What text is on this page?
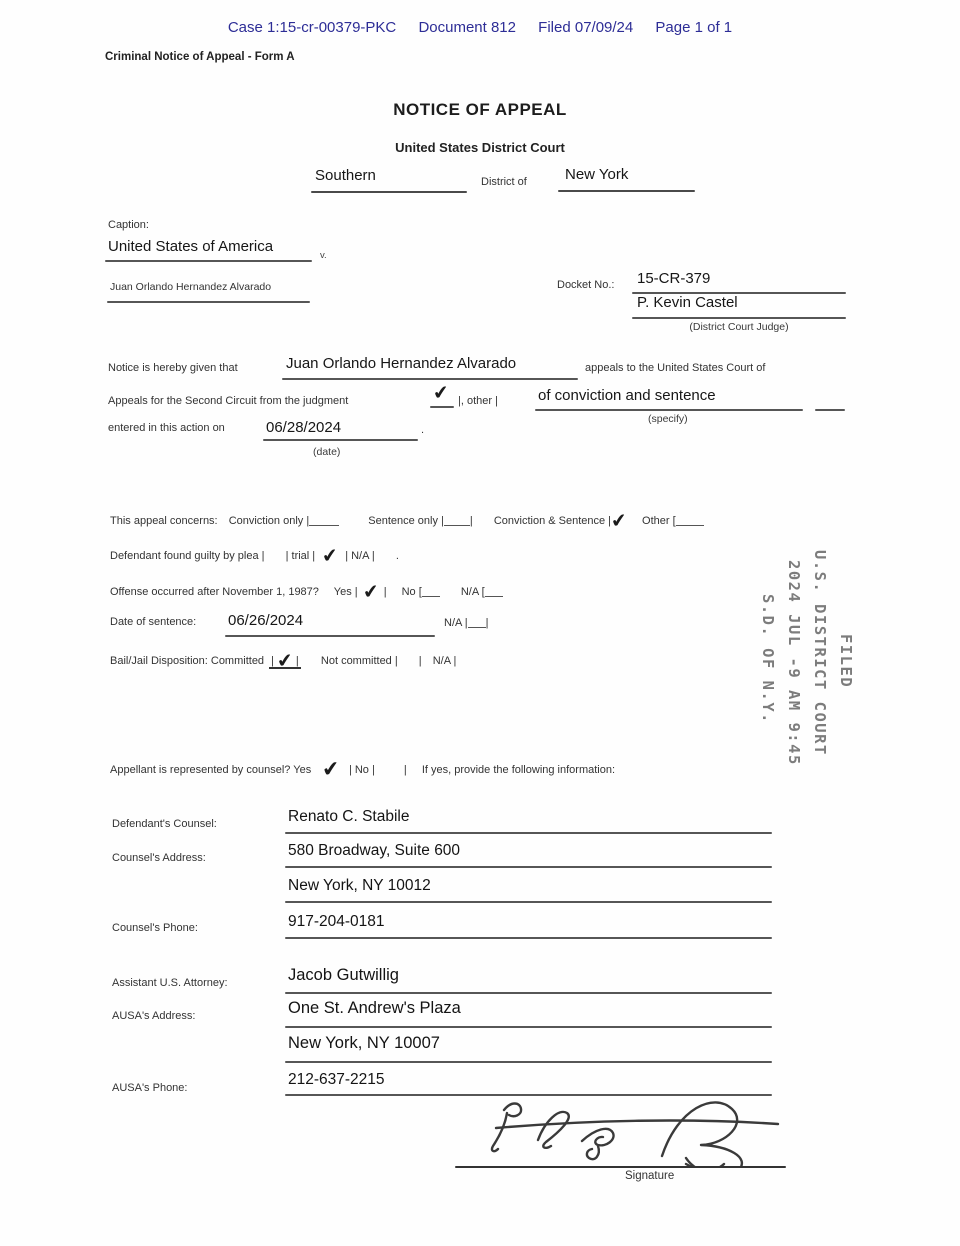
Case 1:15-cr-00379-PKC Document 812 Filed 07/09/24 Page 1 of 1
Criminal Notice of Appeal - Form A
NOTICE OF APPEAL
United States District Court
Southern	District of	New York
Caption:
United States of America
v.
Juan Orlando Hernandez Alvarado	Docket No.: 15-CR-379
P. Kevin Castel
(District Court Judge)
Notice is hereby given that	Juan Orlando Hernandez Alvarado	appeals to the United States Court of
Appeals for the Second Circuit from the judgment	✔ |, other |	of conviction and sentence
(specify)
entered in this action on	06/28/2024	.
(date)
This appeal concerns: Conviction only |	Sentence only | | Conviction & Sentence |✔ Other [
Defendant found guilty by plea | | trial | ✔ | N/A | .
Offense occurred after November 1, 1987? Yes | ✔ | No [	N/A [
Date of sentence: 06/26/2024	N/A | |
Bail/Jail Disposition: Committed |✔ | Not committed | | N/A |	FILED
U.S. DISTRICT COURT
2024 JUL -9 AM 9:45
S.D. OF N.Y.
Appellant is represented by counsel? Yes ✔ | No |	| If yes, provide the following information:
Defendant's Counsel:	Renato C. Stabile
Counsel's Address:	580 Broadway, Suite 600
New York, NY 10012
Counsel's Phone:	917-204-0181
Assistant U.S. Attorney:	Jacob Gutwillig
AUSA's Address:	One St. Andrew's Plaza
New York, NY 10007
AUSA's Phone:	212-637-2215
Signature
